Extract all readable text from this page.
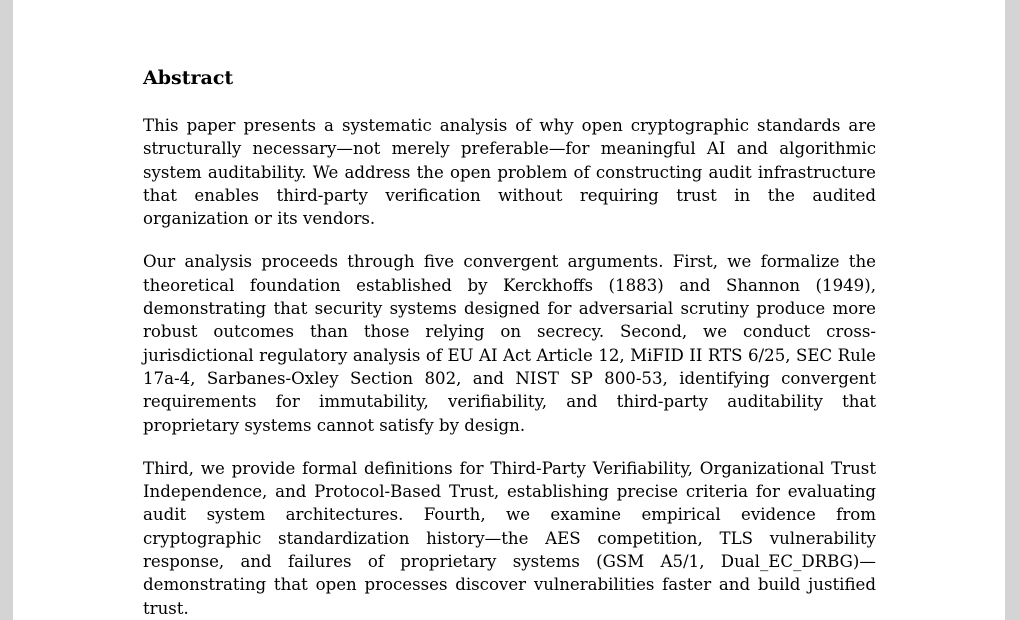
Abstract

This paper presents a systematic analysis of why open cryptographic standards are structurally necessary—not merely preferable—for meaningful AI and algorithmic system auditability. We address the open problem of constructing audit infrastructure that enables third-party verification without requiring trust in the audited organization or its vendors.

Our analysis proceeds through five convergent arguments. First, we formalize the theoretical foundation established by Kerckhoffs (1883) and Shannon (1949), demonstrating that security systems designed for adversarial scrutiny produce more robust outcomes than those relying on secrecy. Second, we conduct cross-jurisdictional regulatory analysis of EU AI Act Article 12, MiFID II RTS 6/25, SEC Rule 17a-4, Sarbanes-Oxley Section 802, and NIST SP 800-53, identifying convergent requirements for immutability, verifiability, and third-party auditability that proprietary systems cannot satisfy by design.

Third, we provide formal definitions for Third-Party Verifiability, Organizational Trust Independence, and Protocol-Based Trust, establishing precise criteria for evaluating audit system architectures. Fourth, we examine empirical evidence from cryptographic standardization history—the AES competition, TLS vulnerability response, and failures of proprietary systems (GSM A5/1, Dual_EC_DRBG)—demonstrating that open processes discover vulnerabilities faster and build justified trust.
